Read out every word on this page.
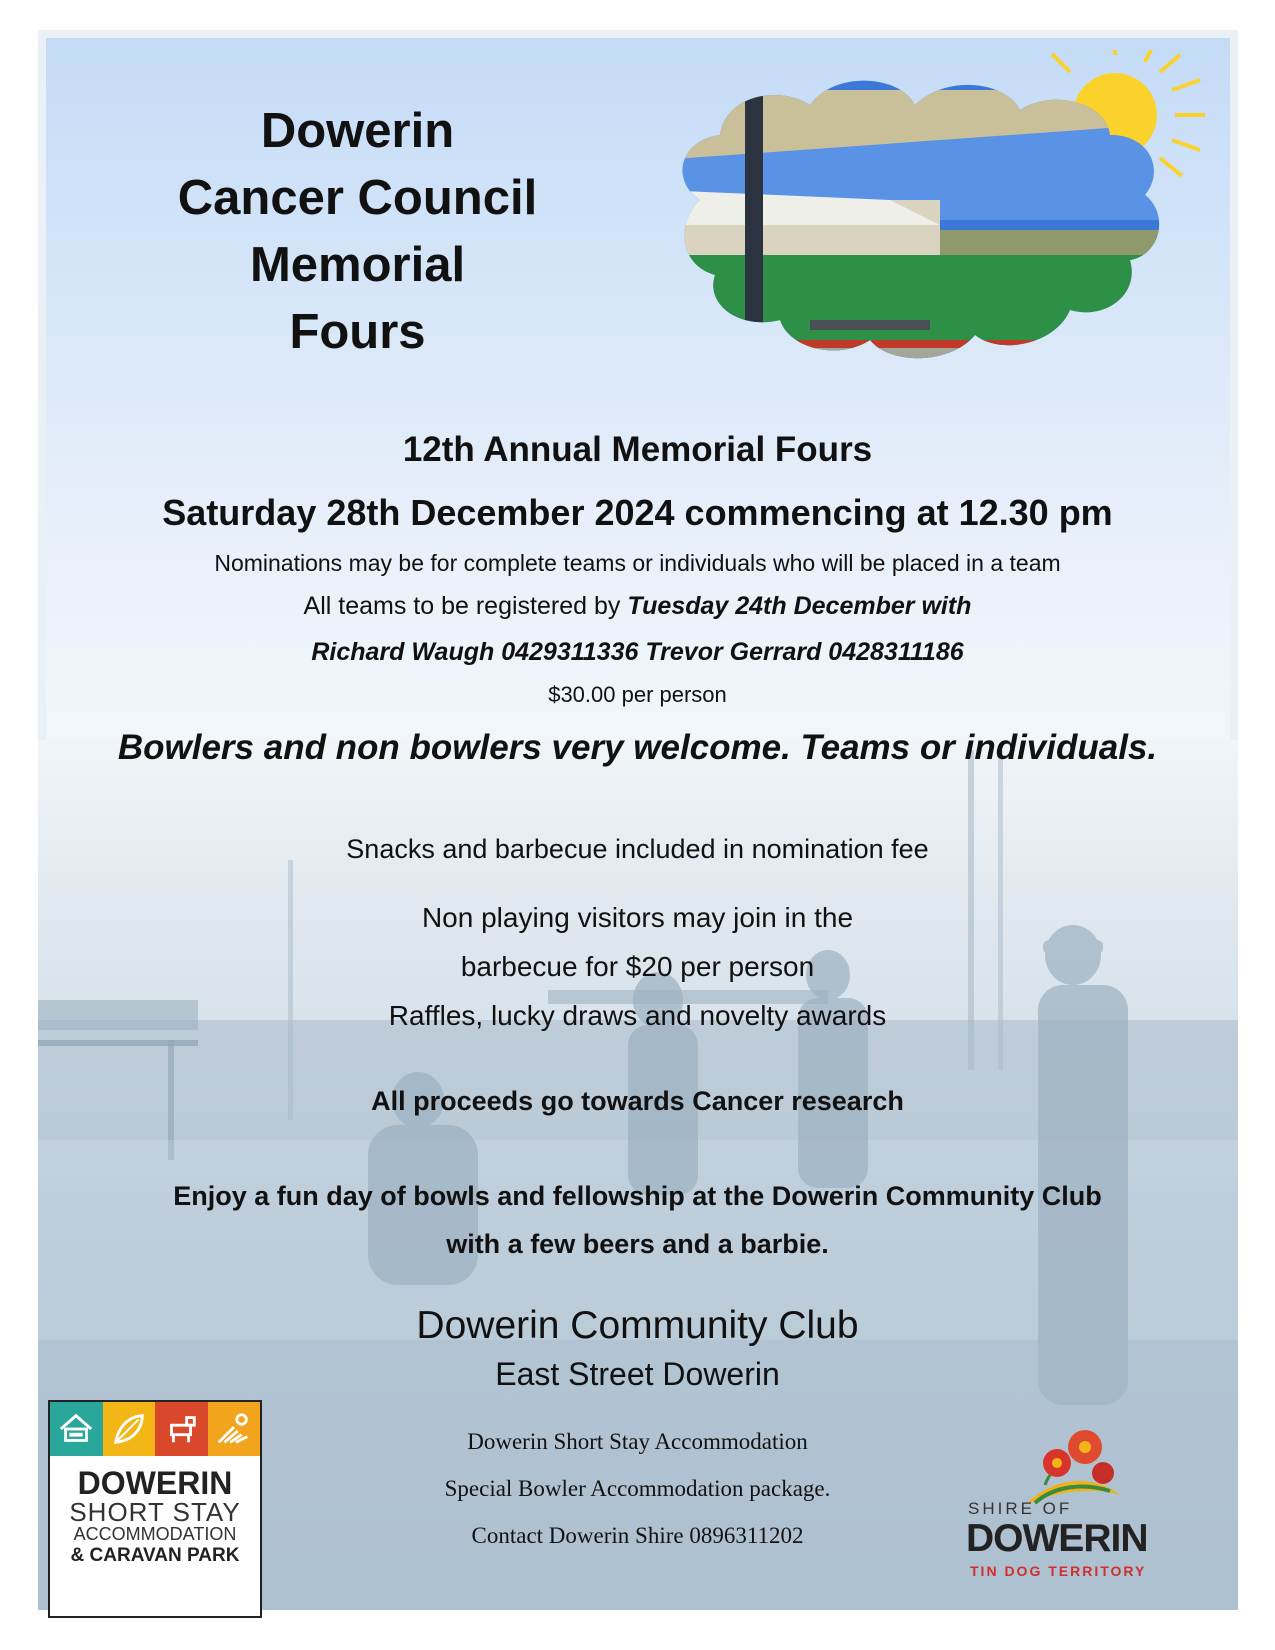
Dowerin
Cancer Council
Memorial
Fours
12th Annual Memorial Fours
Saturday 28th December 2024 commencing at 12.30 pm
Nominations may be for complete teams or individuals who will be placed in a team
All teams to be registered by Tuesday 24th December with
Richard Waugh 0429311336 Trevor Gerrard 0428311186
$30.00 per person
Bowlers and non bowlers very welcome. Teams or individuals.
Snacks and barbecue included in nomination fee
Non playing visitors may join in the
barbecue for $20 per person
Raffles, lucky draws and novelty awards
All proceeds go towards Cancer research
Enjoy a fun day of bowls and fellowship at the Dowerin Community Club
with a few beers and a barbie.
Dowerin Community Club
East Street Dowerin
Dowerin Short Stay Accommodation
Special Bowler Accommodation package.
Contact Dowerin Shire 0896311202
DOWERIN
SHORT STAY
ACCOMMODATION
& CARAVAN PARK
SHIRE OF
DOWERIN
TIN DOG TERRITORY
